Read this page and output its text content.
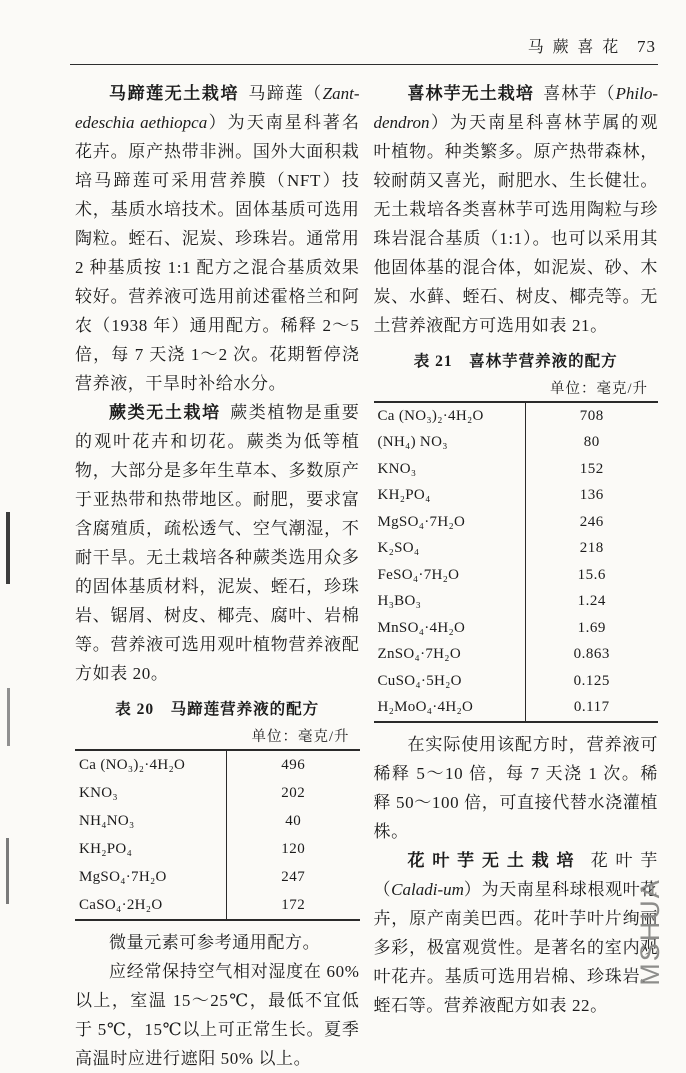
马蕨喜花 73

马蹄莲无土栽培 马蹄莲（Zant-edeschia aethiopca）为天南星科著名花卉。原产热带非洲。国外大面积栽培马蹄莲可采用营养膜（NFT）技术，基质水培技术。固体基质可选用陶粒。蛭石、泥炭、珍珠岩。通常用 2 种基质按 1:1 配方之混合基质效果较好。营养液可选用前述霍格兰和阿农（1938 年）通用配方。稀释 2～5 倍，每 7 天浇 1～2 次。花期暂停浇营养液，干旱时补给水分。

蕨类无土栽培 蕨类植物是重要的观叶花卉和切花。蕨类为低等植物，大部分是多年生草本、多数原产于亚热带和热带地区。耐肥，要求富含腐殖质，疏松透气、空气潮湿，不耐干旱。无土栽培各种蕨类选用众多的固体基质材料，泥炭、蛭石，珍珠岩、锯屑、树皮、椰壳、腐叶、岩棉等。营养液可选用观叶植物营养液配方如表 20。

表 20　马蹄莲营养液的配方
单位：毫克/升
Ca (NO₃)₂·4H₂O	496
KNO₃	202
NH₄NO₃	40
KH₂PO₄	120
MgSO₄·7H₂O	247
CaSO₄·2H₂O	172

微量元素可参考通用配方。

应经常保持空气相对湿度在 60% 以上，室温 15～25℃，最低不宜低于 5℃，15℃以上可正常生长。夏季高温时应进行遮阳 50% 以上。

喜林芋无土栽培 喜林芋（Philo-dendron）为天南星科喜林芋属的观叶植物。种类繁多。原产热带森林，较耐荫又喜光，耐肥水、生长健壮。无土栽培各类喜林芋可选用陶粒与珍珠岩混合基质（1:1）。也可以采用其他固体基的混合体，如泥炭、砂、木炭、水藓、蛭石、树皮、椰壳等。无土营养液配方可选用如表 21。

表 21　喜林芋营养液的配方
单位：毫克/升
Ca (NO₃)₂·4H₂O	708
(NH₄) NO₃	80
KNO₃	152
KH₂PO₄	136
MgSO₄·7H₂O	246
K₂SO₄	218
FeSO₄·7H₂O	15.6
H₃BO₃	1.24
MnSO₄·4H₂O	1.69
ZnSO₄·7H₂O	0.863
CuSO₄·5H₂O	0.125
H₂MoO₄·4H₂O	0.117

在实际使用该配方时，营养液可稀释 5～10 倍，每 7 天浇 1 次。稀释 50～100 倍，可直接代替水浇灌植株。

花叶芋无土栽培 花叶芋（Caladi-um）为天南星科球根观叶花卉，原产南美巴西。花叶芋叶片绚丽多彩，极富观赏性。是著名的室内观叶花卉。基质可选用岩棉、珍珠岩、蛭石等。营养液配方如表 22。

MSHUA
